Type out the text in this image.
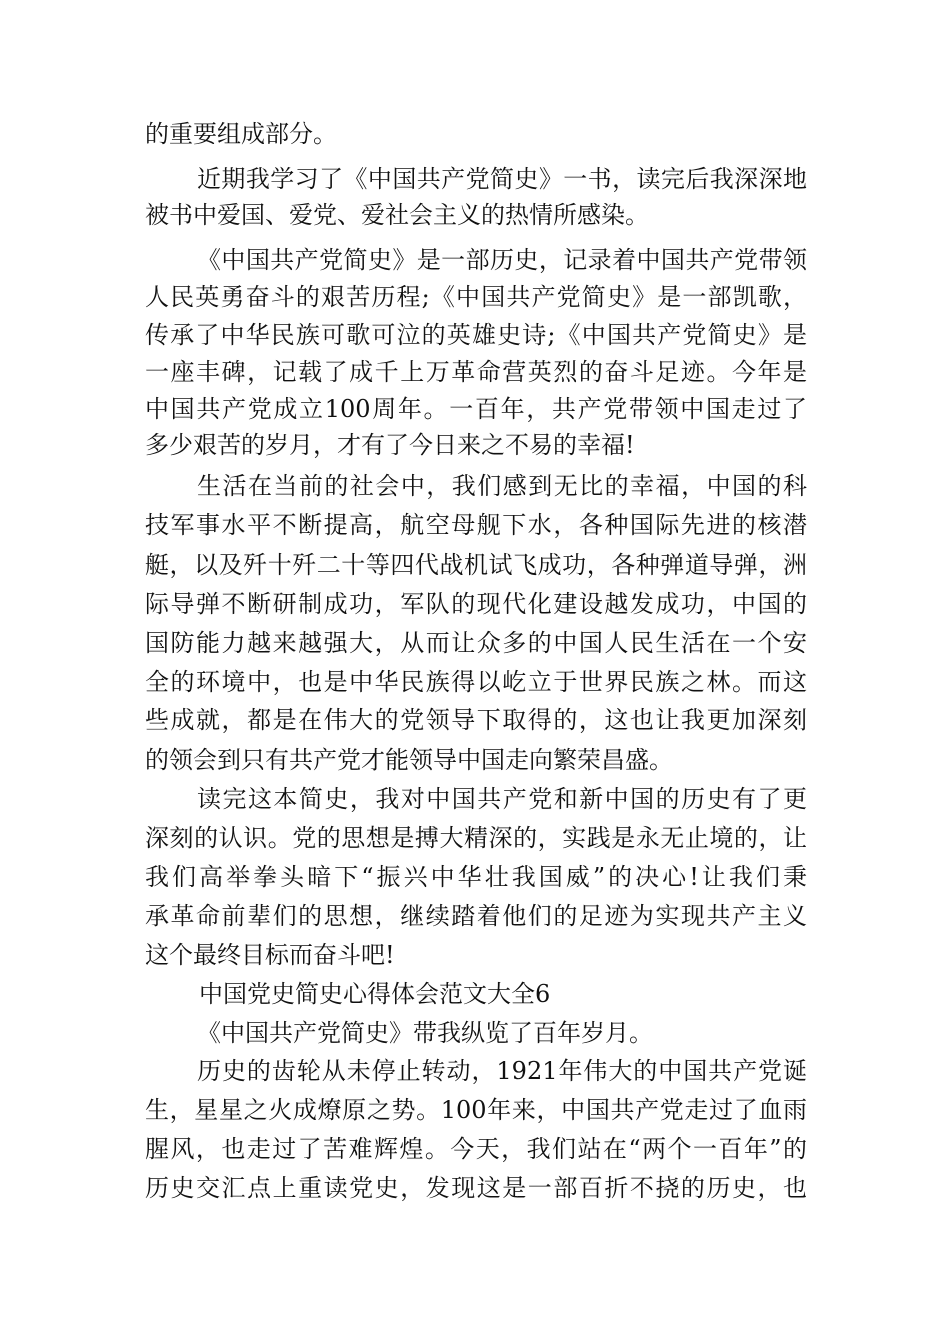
的重要组成部分。
近期我学习了《中国共产党简史》一书，读完后我深深地
被书中爱国、爱党、爱社会主义的热情所感染。
《中国共产党简史》是一部历史，记录着中国共产党带领
人民英勇奋斗的艰苦历程;《中国共产党简史》是一部凯歌，
传承了中华民族可歌可泣的英雄史诗;《中国共产党简史》是
一座丰碑，记载了成千上万革命营英烈的奋斗足迹。今年是
中国共产党成立100周年。一百年，共产党带领中国走过了
多少艰苦的岁月，才有了今日来之不易的幸福!
生活在当前的社会中，我们感到无比的幸福，中国的科
技军事水平不断提高，航空母舰下水，各种国际先进的核潜
艇，以及歼十歼二十等四代战机试飞成功，各种弹道导弹，洲
际导弹不断研制成功，军队的现代化建设越发成功，中国的
国防能力越来越强大，从而让众多的中国人民生活在一个安
全的环境中，也是中华民族得以屹立于世界民族之林。而这
些成就，都是在伟大的党领导下取得的，这也让我更加深刻
的领会到只有共产党才能领导中国走向繁荣昌盛。
读完这本简史，我对中国共产党和新中国的历史有了更
深刻的认识。党的思想是搏大精深的，实践是永无止境的，让
我们高举拳头暗下“振兴中华壮我国威”的决心!让我们秉
承革命前辈们的思想，继续踏着他们的足迹为实现共产主义
这个最终目标而奋斗吧!
中国党史简史心得体会范文大全6
《中国共产党简史》带我纵览了百年岁月。
历史的齿轮从未停止转动，1921年伟大的中国共产党诞
生，星星之火成燎原之势。100年来，中国共产党走过了血雨
腥风，也走过了苦难辉煌。今天，我们站在“两个一百年”的
历史交汇点上重读党史，发现这是一部百折不挠的历史，也
